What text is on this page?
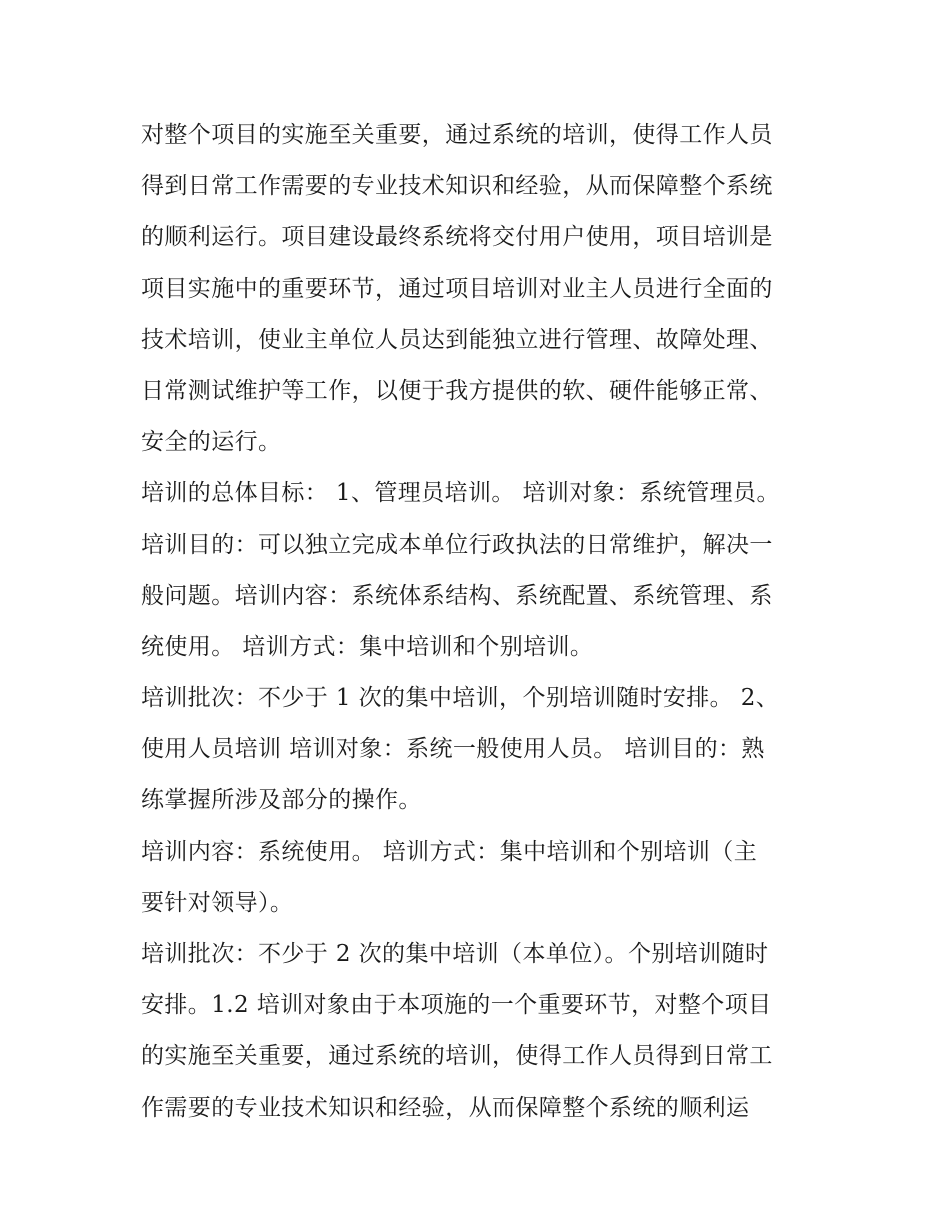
对整个项目的实施至关重要，通过系统的培训，使得工作人员
得到日常工作需要的专业技术知识和经验，从而保障整个系统
的顺利运行。项目建设最终系统将交付用户使用，项目培训是
项目实施中的重要环节，通过项目培训对业主人员进行全面的
技术培训，使业主单位人员达到能独立进行管理、故障处理、
日常测试维护等工作，以便于我方提供的软、硬件能够正常、
安全的运行。
培训的总体目标： 1、管理员培训。 培训对象：系统管理员。
培训目的：可以独立完成本单位行政执法的日常维护，解决一
般问题。培训内容：系统体系结构、系统配置、系统管理、系
统使用。 培训方式：集中培训和个别培训。
培训批次：不少于 1 次的集中培训，个别培训随时安排。 2、
使用人员培训 培训对象：系统一般使用人员。 培训目的：熟
练掌握所涉及部分的操作。
培训内容：系统使用。 培训方式：集中培训和个别培训（主
要针对领导）。
培训批次：不少于 2 次的集中培训（本单位）。个别培训随时
安排。1.2 培训对象由于本项施的一个重要环节，对整个项目
的实施至关重要，通过系统的培训，使得工作人员得到日常工
作需要的专业技术知识和经验，从而保障整个系统的顺利运
